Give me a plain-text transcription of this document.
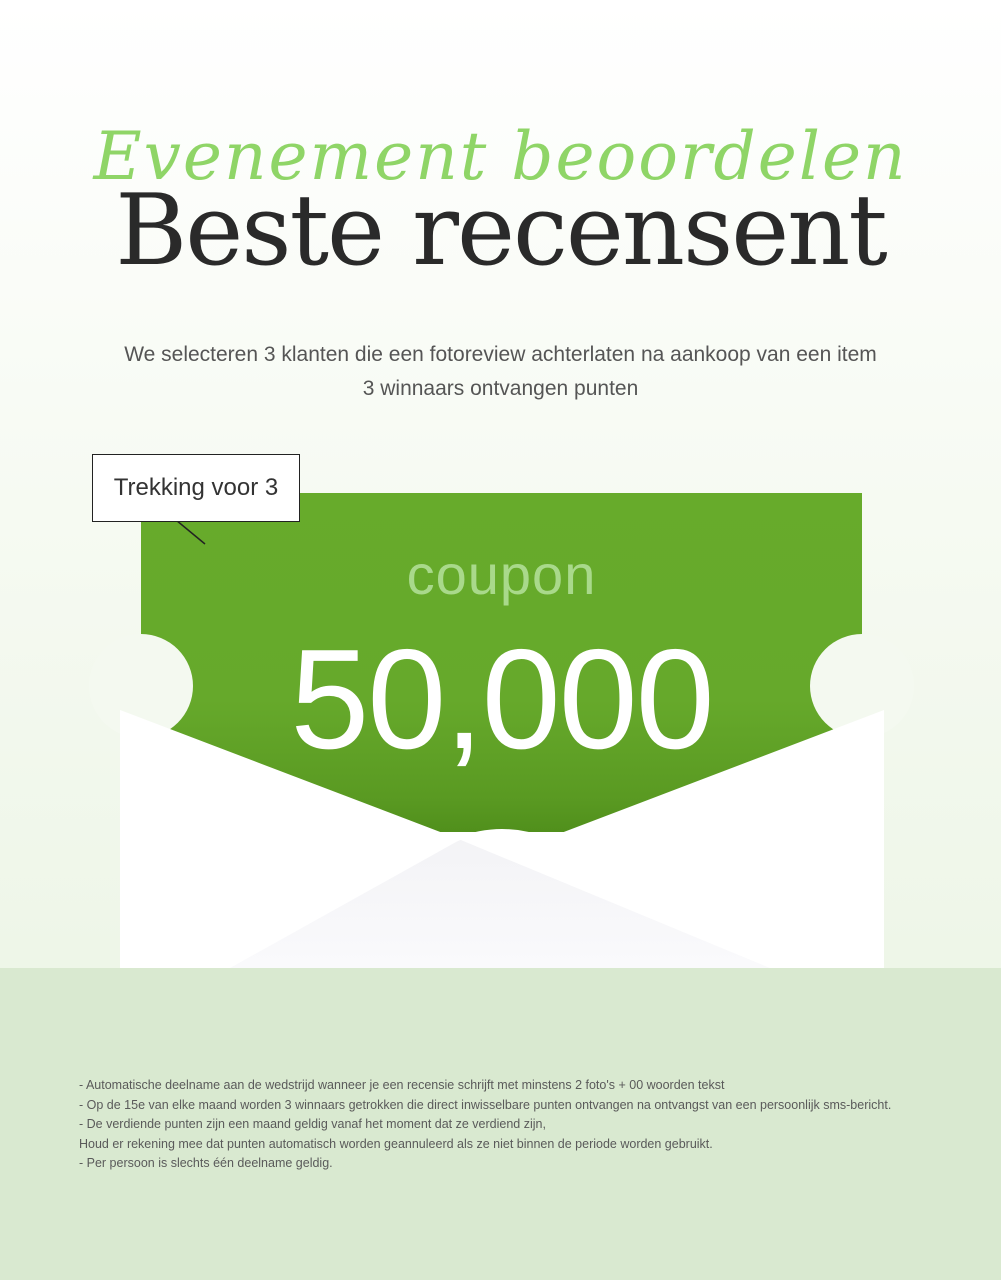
Evenement beoordelen
Beste recensent
We selecteren 3 klanten die een fotoreview achterlaten na aankoop van een item
3 winnaars ontvangen punten
coupon
50,000
Trekking voor 3
- Automatische deelname aan de wedstrijd wanneer je een recensie schrijft met minstens 2 foto's + 00 woorden tekst
- Op de 15e van elke maand worden 3 winnaars getrokken die direct inwisselbare punten ontvangen na ontvangst van een persoonlijk sms-bericht.
- De verdiende punten zijn een maand geldig vanaf het moment dat ze verdiend zijn,
Houd er rekening mee dat punten automatisch worden geannuleerd als ze niet binnen de periode worden gebruikt.
- Per persoon is slechts één deelname geldig.
